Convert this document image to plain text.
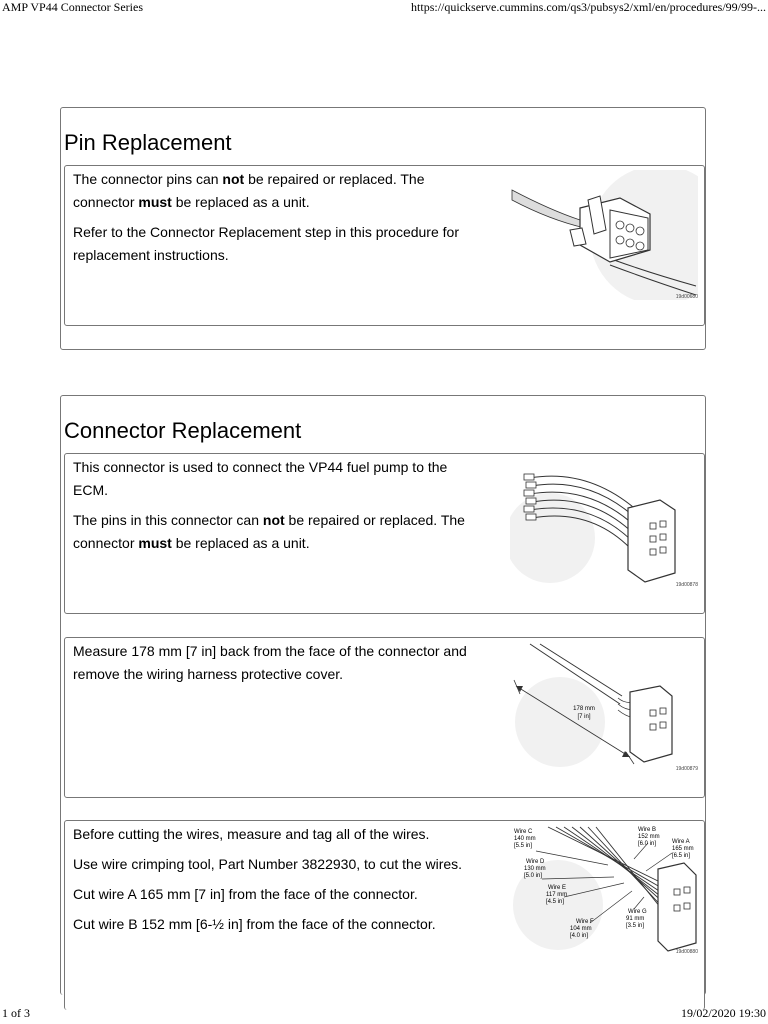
AMP VP44 Connector Series	https://quickserve.cummins.com/qs3/pubsys2/xml/en/procedures/99/99-...
Pin Replacement

The connector pins can not be repaired or replaced. The connector must be replaced as a unit.

Refer to the Connector Replacement step in this procedure for replacement instructions.

19d00680
Connector Replacement

This connector is used to connect the VP44 fuel pump to the ECM.

The pins in this connector can not be repaired or replaced. The connector must be replaced as a unit.

19d00878

Measure 178 mm [7 in] back from the face of the connector and remove the wiring harness protective cover.

178 mm
[7 in]
19d00879

Before cutting the wires, measure and tag all of the wires.

Use wire crimping tool, Part Number 3822930, to cut the wires.

Cut wire A 165 mm [7 in] from the face of the connector.

Cut wire B 152 mm [6-½ in] from the face of the connector.

Wire C
140 mm
[5.5 in]
Wire B
152 mm
[6.0 in]	Wire A
165 mm
[6.5 in]
Wire D
130 mm
[5.0 in]
Wire E
117 mm
[4.5 in]
Wire F
104 mm
[4.0 in]
Wire G
91 mm
[3.5 in]
19d00880
1 of 3	19/02/2020 19:30
